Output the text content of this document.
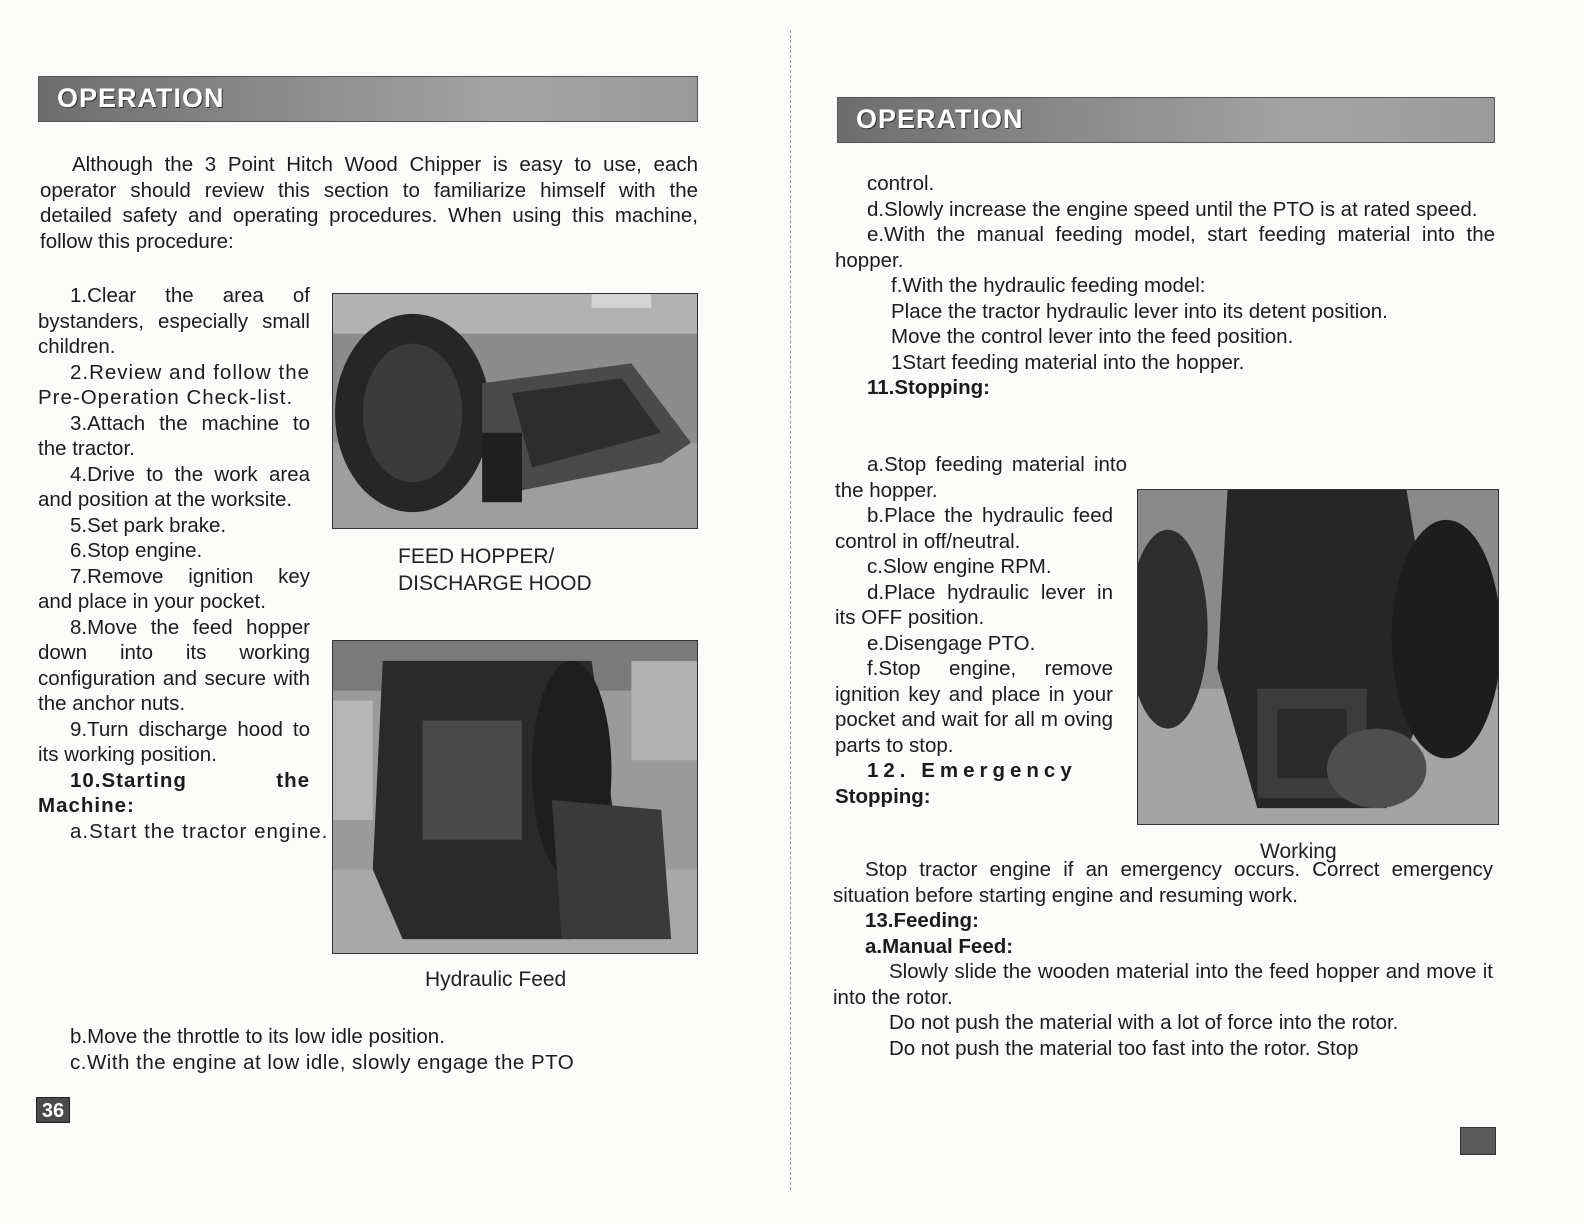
OPERATION

Although the 3 Point Hitch Wood Chipper is easy to use, each operator should review this section to familiarize himself with the detailed safety and operating procedures. When using this machine, follow this procedure:

1.Clear the area of bystanders, especially small children.

2.Review and follow the Pre-Operation Check-list.

3.Attach the machine to the tractor.

4.Drive to the work area and position at the worksite.

5.Set park brake.

6.Stop engine.

7.Remove ignition key and place in your pocket.

8.Move the feed hopper down into its working configuration and secure with the anchor nuts.

9.Turn discharge hood to its working position.

10.Starting the Machine:

a.Start the tractor engine.

b.Move the throttle to its low idle position.

c.With the engine at low idle, slowly engage the PTO

FEED HOPPER/
DISCHARGE HOOD
Hydraulic Feed
36
OPERATION

control.

d.Slowly increase the engine speed until the PTO is at rated speed.

e.With the manual feeding model, start feeding material into the hopper.

f.With the hydraulic feeding model:

Place the tractor hydraulic lever into its detent position.

Move the control lever into the feed position.

1Start feeding material into the hopper.

11.Stopping:

a.Stop feeding material into the hopper.

b.Place the hydraulic feed control in off/neutral.

c.Slow engine RPM.

d.Place hydraulic lever in its OFF position.

e.Disengage PTO.

f.Stop engine, remove ignition key and place in your pocket and wait for all m oving parts to stop.

12. Emergency

Stopping:

Working

Stop tractor engine if an emergency occurs. Correct emergency situation before starting engine and resuming work.

13.Feeding:

a.Manual Feed:

Slowly slide the wooden material into the feed hopper and move it into the rotor.

Do not push the material with a lot of force into the rotor.

Do not push the material too fast into the rotor. Stop
